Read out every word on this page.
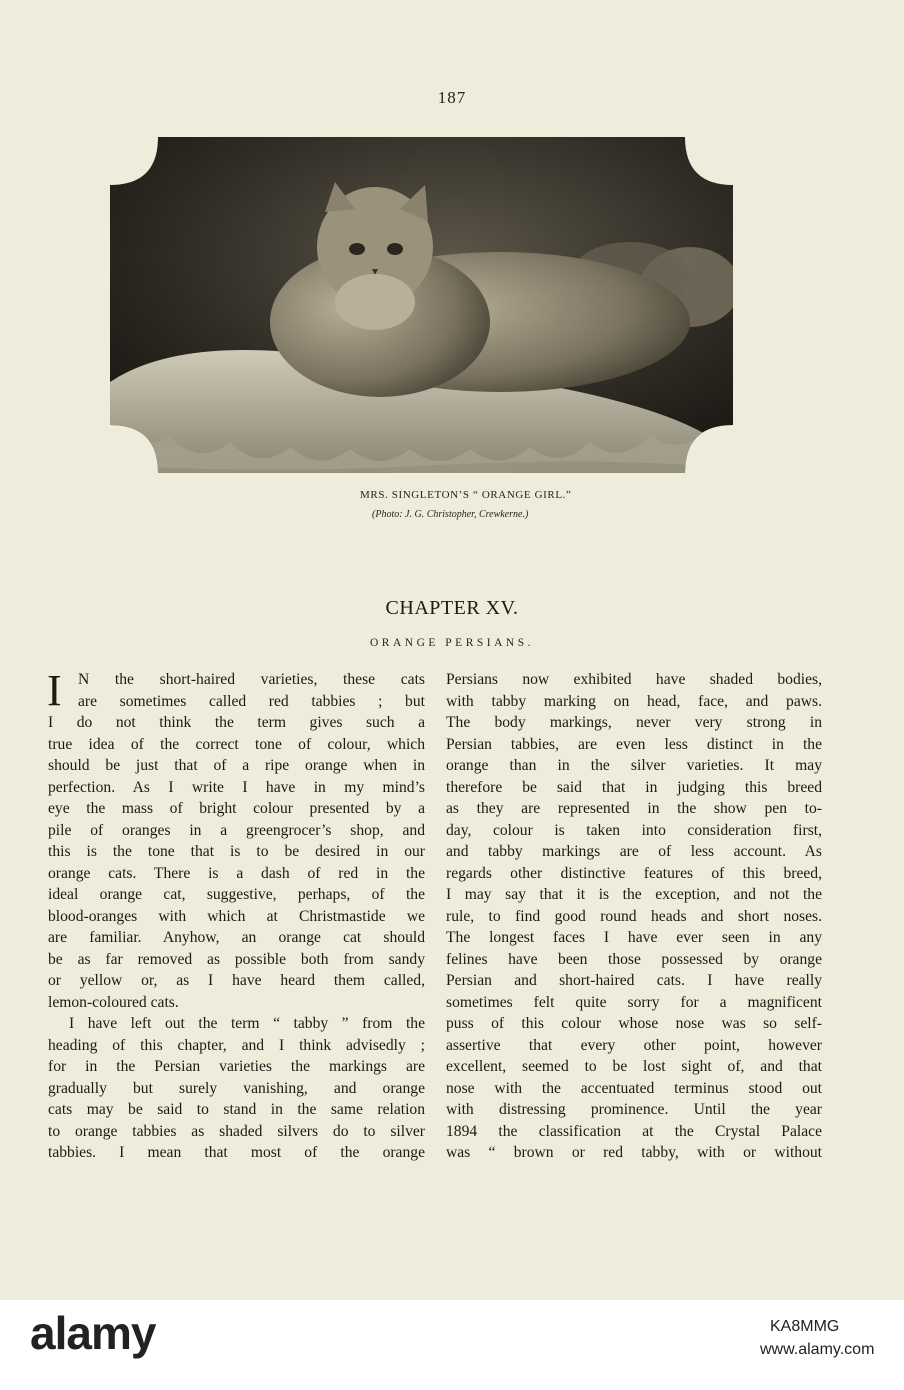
187
MRS. SINGLETON’S “ ORANGE GIRL.”
(Photo: J. G. Christopher, Crewkerne.)
CHAPTER XV.
ORANGE PERSIANS.
I	N the short-haired varieties, these cats
are sometimes called red tabbies ; but
I do not think the term gives such a
true idea of the correct tone of colour, which
should be just that of a ripe orange when in
perfection. As I write I have in my mind’s
eye the mass of bright colour presented by a
pile of oranges in a greengrocer’s shop, and
this is the tone that is to be desired in our
orange cats. There is a dash of red in the
ideal orange cat, suggestive, perhaps, of the
blood-oranges with which at Christmastide we
are familiar. Anyhow, an orange cat should
be as far removed as possible both from sandy
or yellow or, as I have heard them called,
lemon-coloured cats.
I have left out the term “ tabby ” from the
heading of this chapter, and I think advisedly ;
for in the Persian varieties the markings are
gradually but surely vanishing, and orange
cats may be said to stand in the same relation
to orange tabbies as shaded silvers do to silver
tabbies. I mean that most of the orange
Persians now exhibited have shaded bodies,
with tabby marking on head, face, and paws.
The body markings, never very strong in
Persian tabbies, are even less distinct in the
orange than in the silver varieties. It may
therefore be said that in judging this breed
as they are represented in the show pen to-
day, colour is taken into consideration first,
and tabby markings are of less account. As
regards other distinctive features of this breed,
I may say that it is the exception, and not the
rule, to find good round heads and short noses.
The longest faces I have ever seen in any
felines have been those possessed by orange
Persian and short-haired cats. I have really
sometimes felt quite sorry for a magnificent
puss of this colour whose nose was so self-
assertive that every other point, however
excellent, seemed to be lost sight of, and that
nose with the accentuated terminus stood out
with distressing prominence. Until the year
1894 the classification at the Crystal Palace
was “ brown or red tabby, with or without
alamy	KA8MMG
www.alamy.com
